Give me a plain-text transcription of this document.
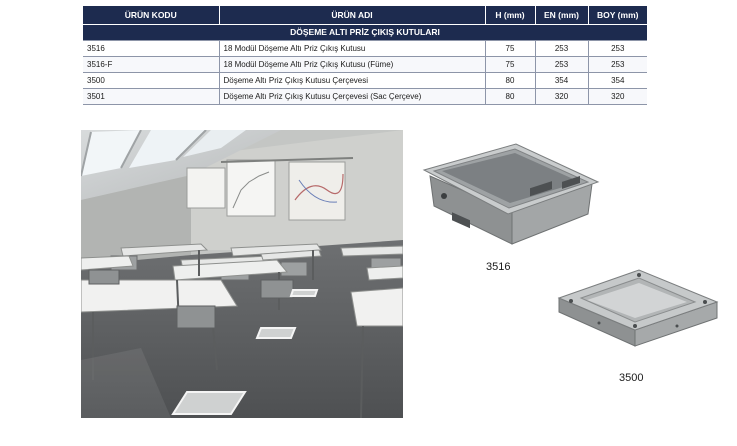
ÜRÜN KODU	ÜRÜN ADI	H (mm)	EN (mm)	BOY (mm)
DÖŞEME ALTI PRİZ ÇIKIŞ KUTULARI				
3516	18 Modül Döşeme Altı Priz Çıkış Kutusu	75	253	253
3516-F	18 Modül Döşeme Altı Priz Çıkış Kutusu (Füme)	75	253	253
3500	Döşeme Altı Priz Çıkış Kutusu Çerçevesi	80	354	354
3501	Döşeme Altı Priz Çıkış Kutusu Çerçevesi (Sac Çerçeve)	80	320	320
3516
3500
